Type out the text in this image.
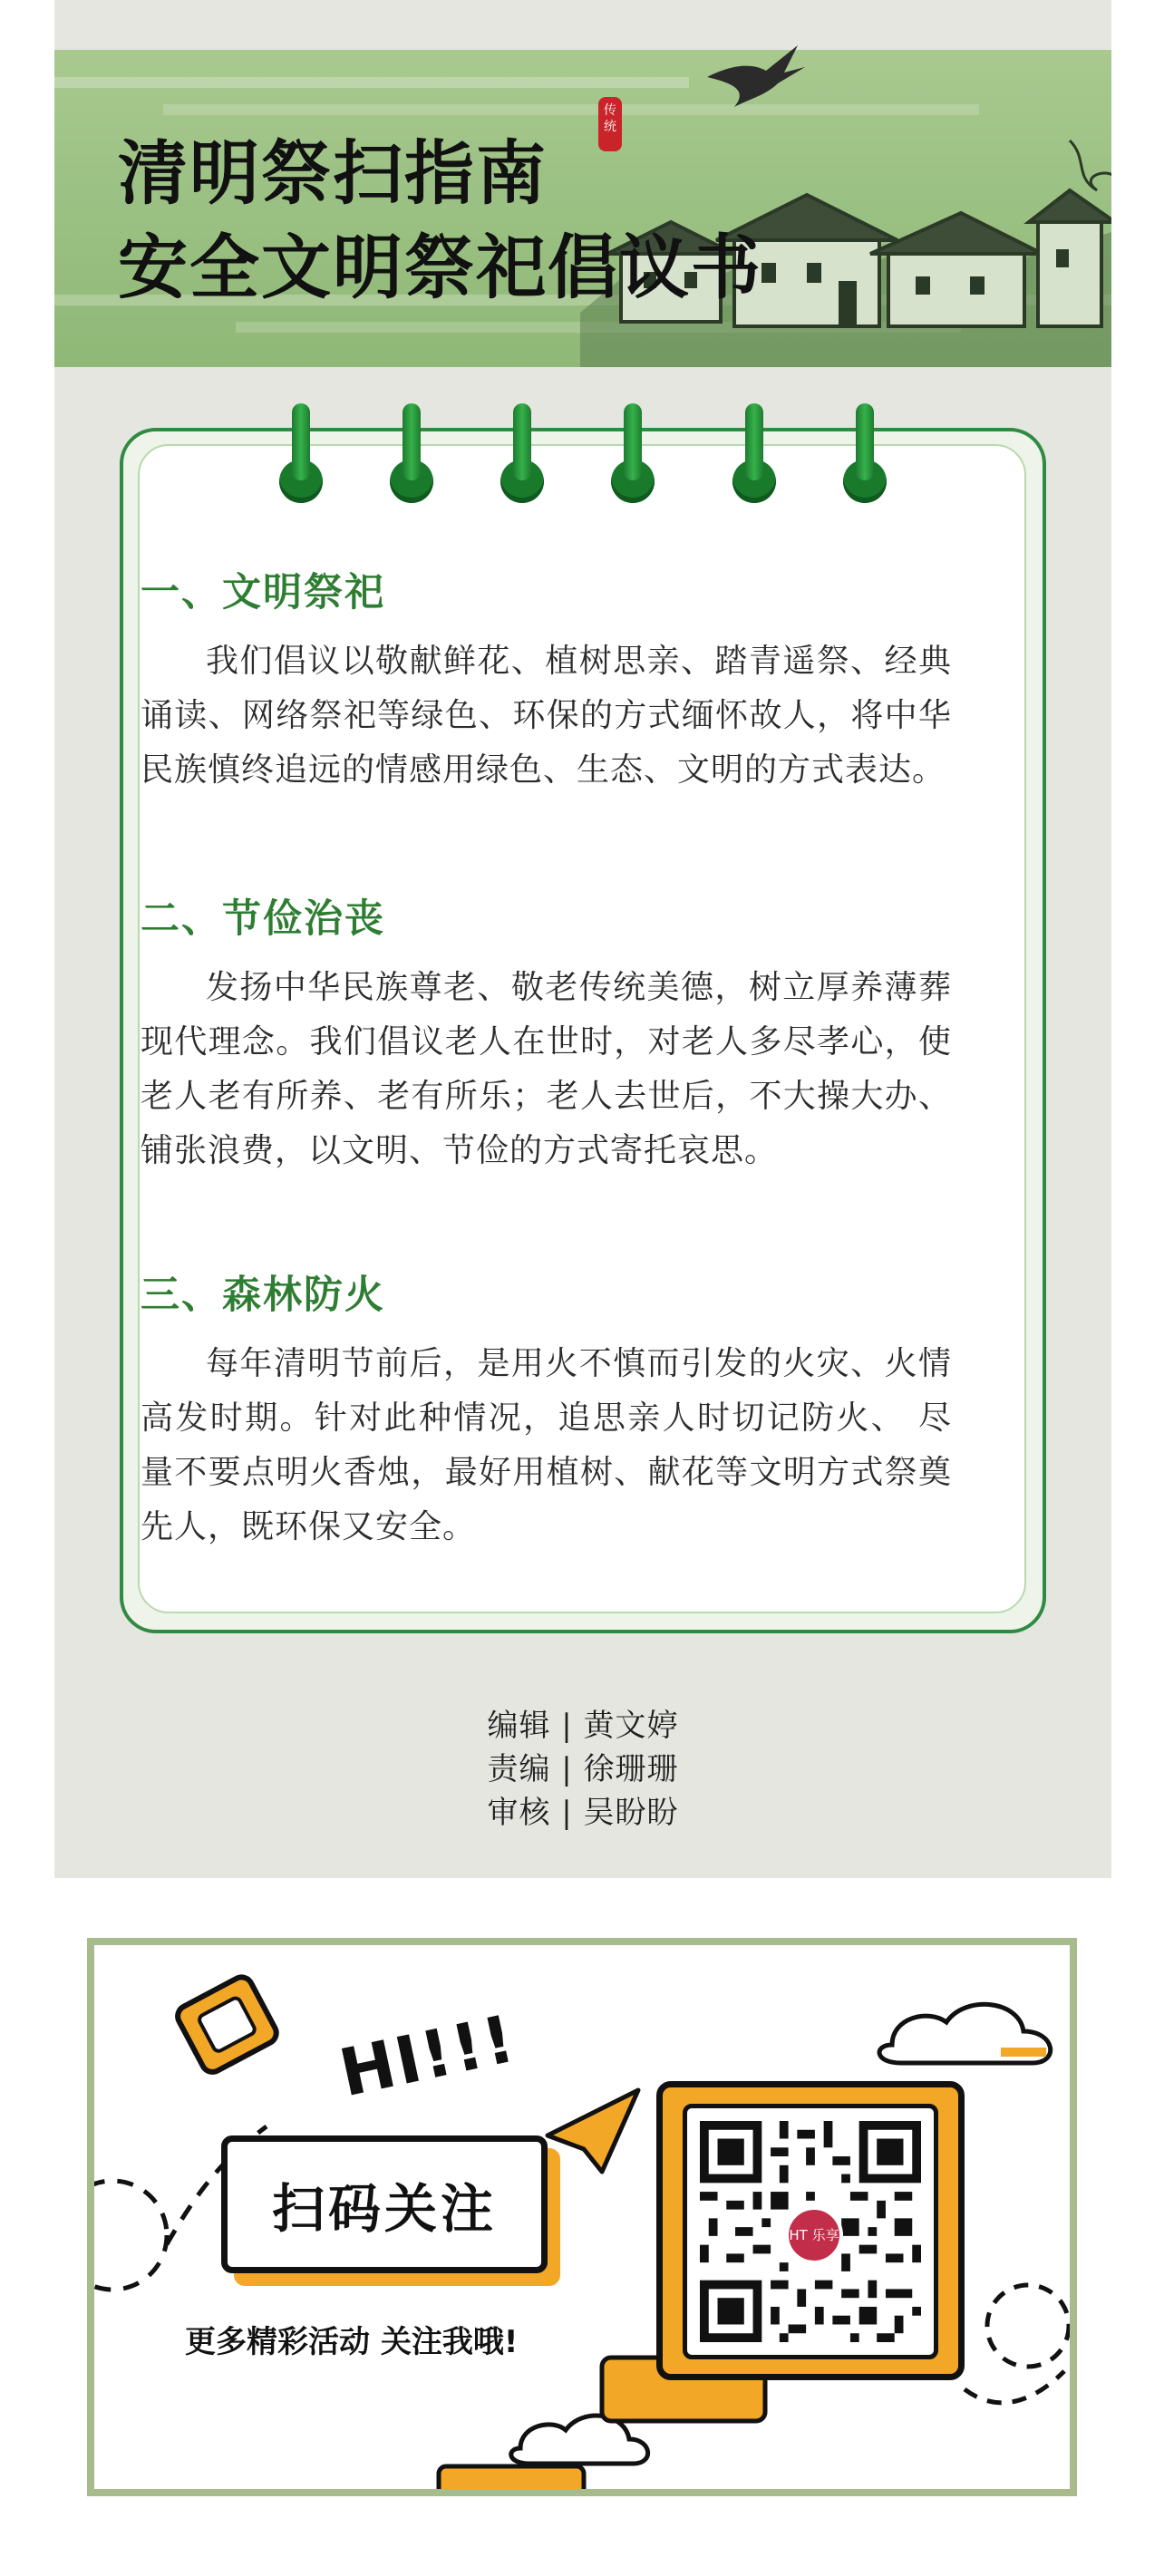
清明祭扫指南
安全文明祭祀倡议书
传统
一、文明祭祀
我们倡议以敬献鲜花、植树思亲、踏青遥祭、经典诵读、网络祭祀等绿色、环保的方式缅怀故人，将中华民族慎终追远的情感用绿色、生态、文明的方式表达。
二、节俭治丧
发扬中华民族尊老、敬老传统美德，树立厚养薄葬现代理念。我们倡议老人在世时，对老人多尽孝心，使老人老有所养、老有所乐；老人去世后，不大操大办、铺张浪费，以文明、节俭的方式寄托哀思。
三、森林防火
每年清明节前后，是用火不慎而引发的火灾、火情高发时期。针对此种情况，追思亲人时切记防火、 尽量不要点明火香烛，最好用植树、献花等文明方式祭奠先人，既环保又安全。
编辑 | 黄文婷
责编 | 徐珊珊
审核 | 吴盼盼
HI!!!
扫码关注
更多精彩活动 关注我哦!
HT 乐享
